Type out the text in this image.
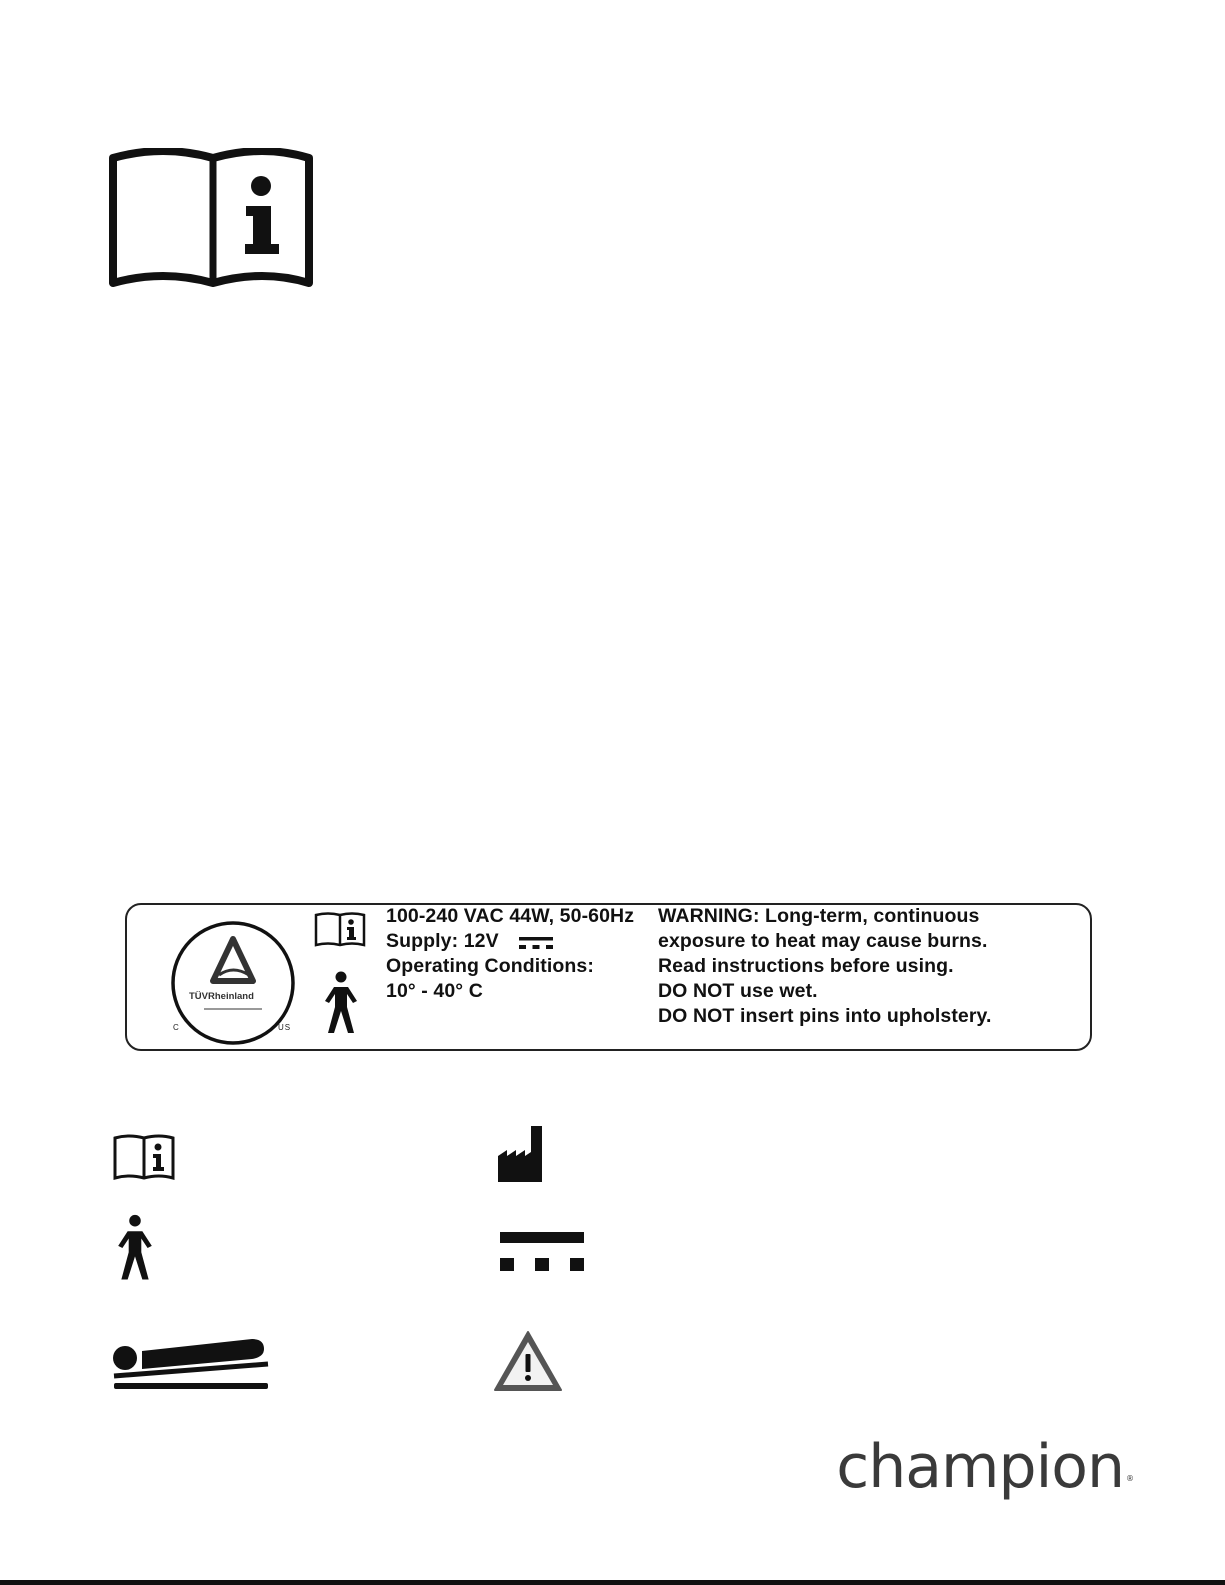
TÜVRheinland
C	US
100-240 VAC 44W, 50-60Hz
Supply: 12V
Operating Conditions:
10° - 40° C
WARNING: Long-term, continuous
exposure to heat may cause burns.
Read instructions before using.
DO NOT use wet.
DO NOT insert pins into upholstery.
champion ®
